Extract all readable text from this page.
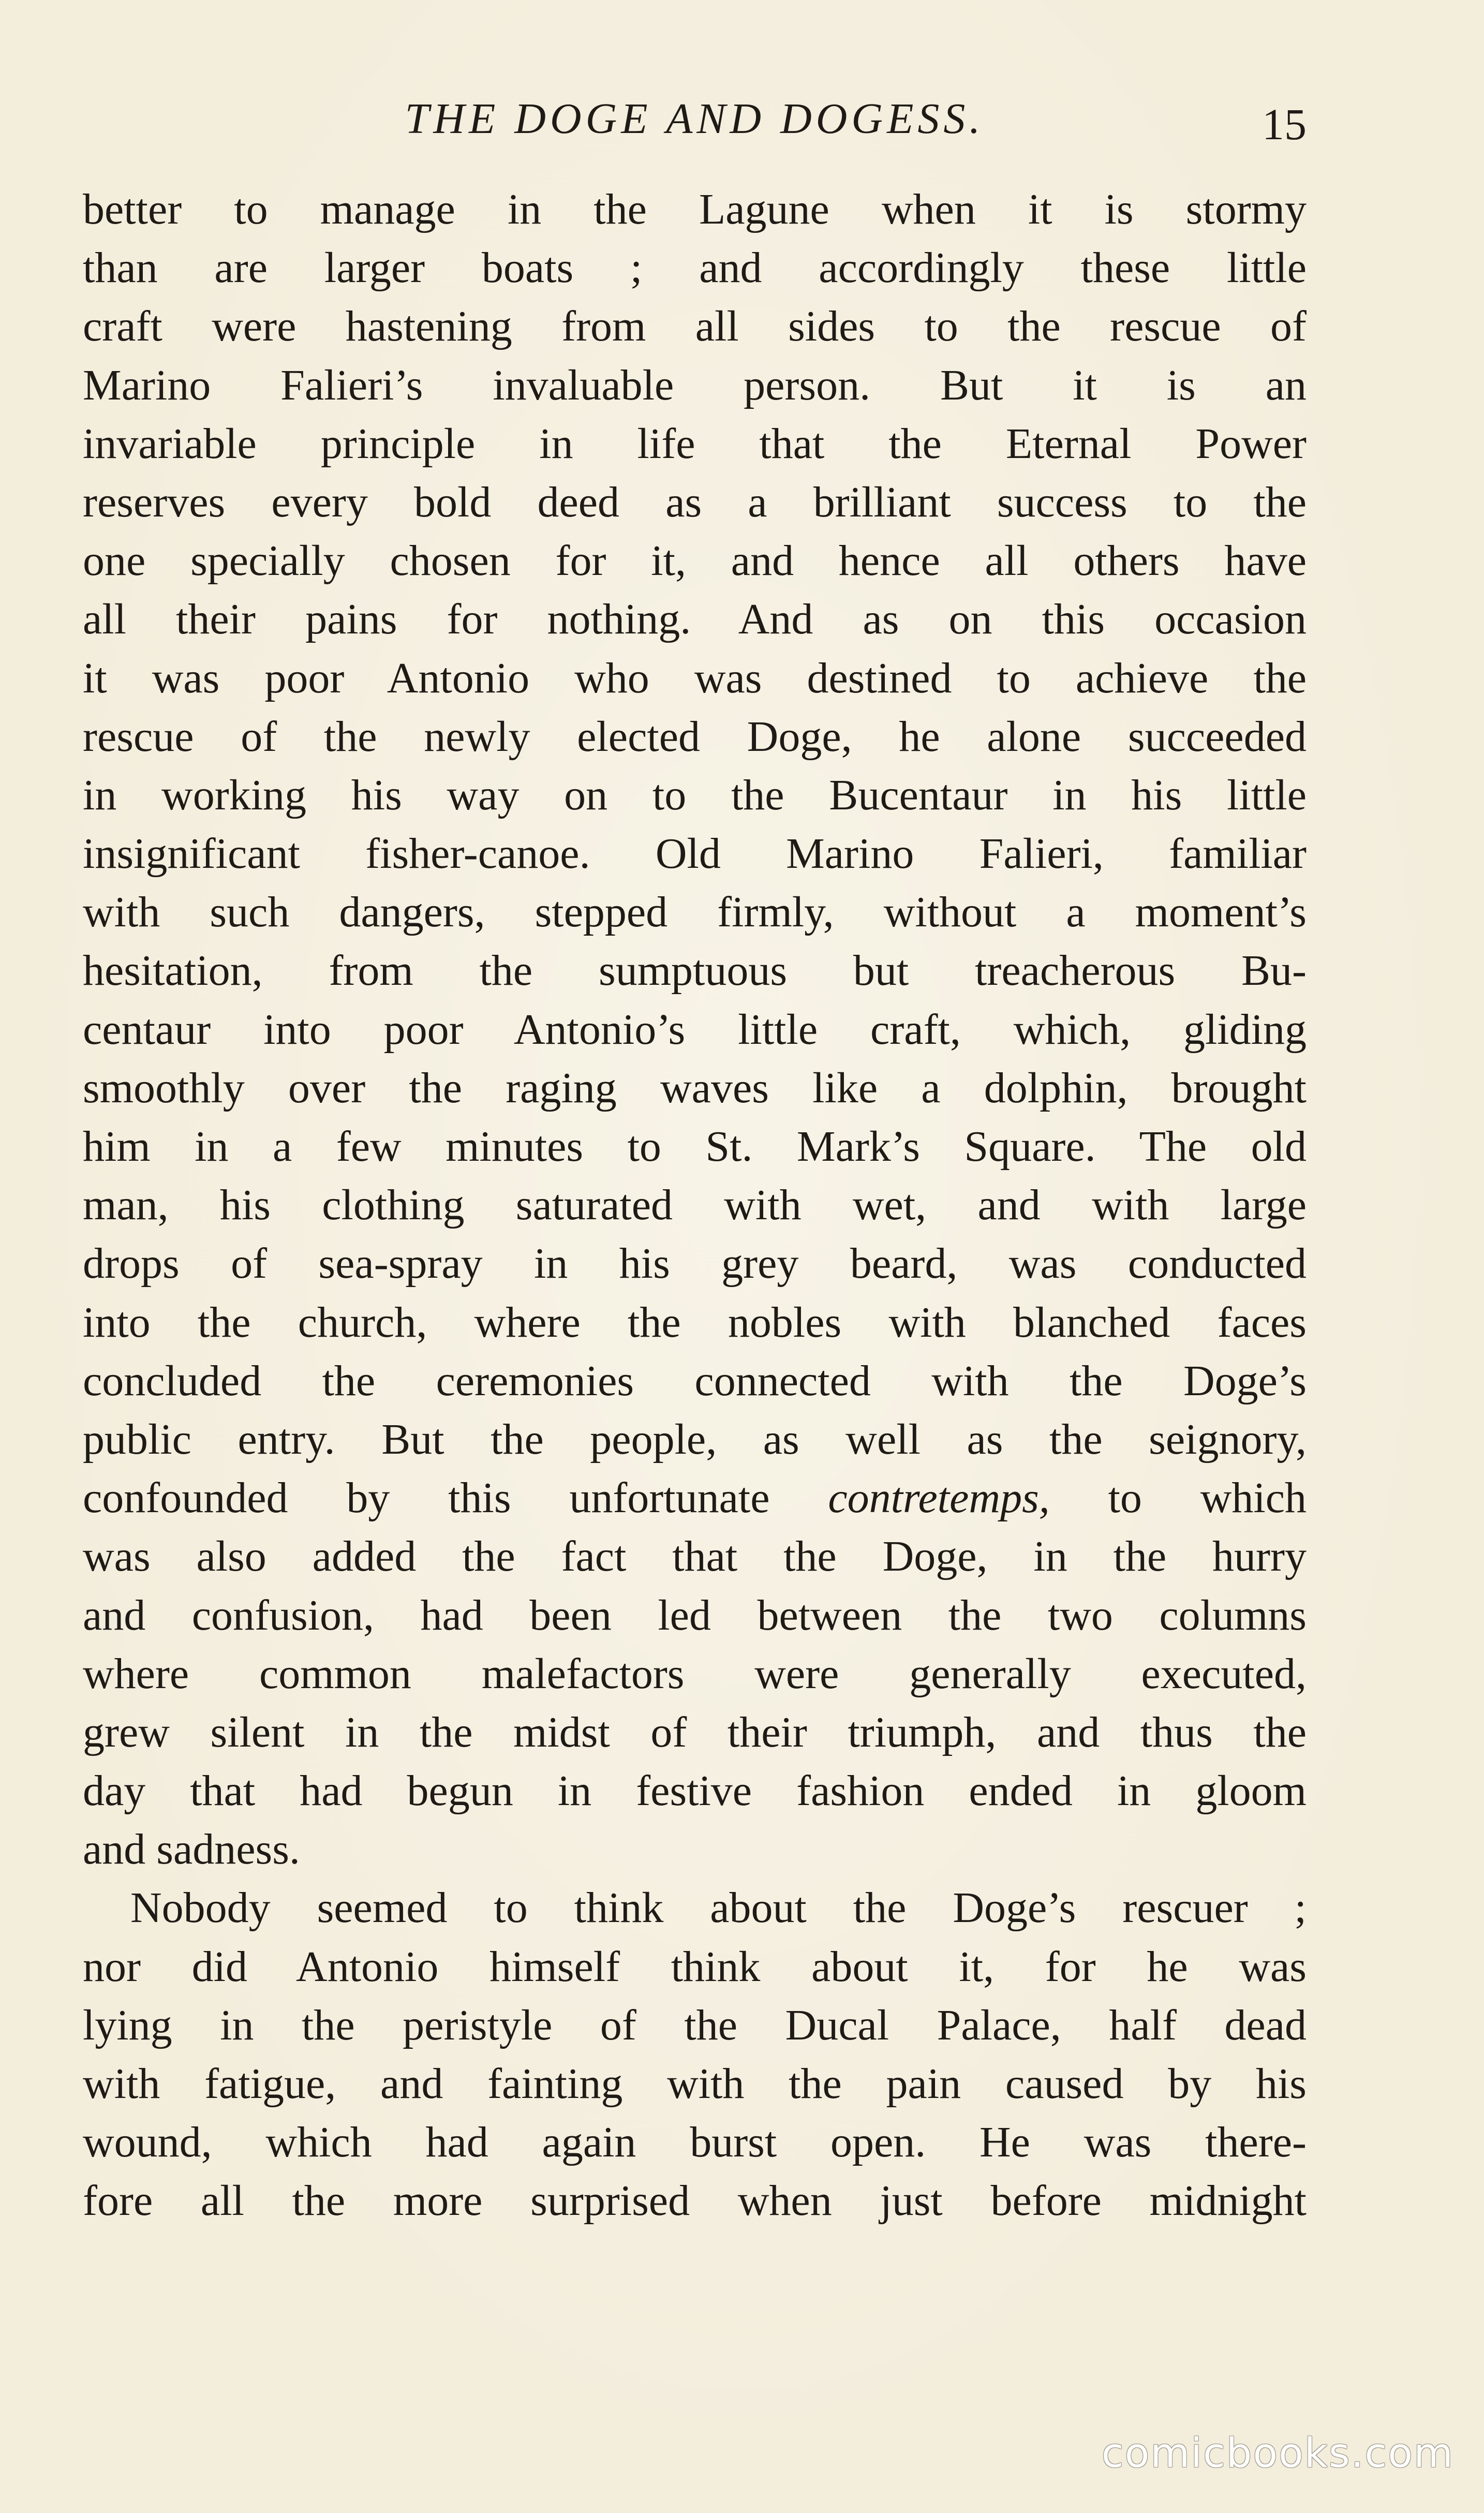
THE DOGE AND DOGESS.	15
better to manage in the Lagune when it is stormy
than are larger boats ; and accordingly these little
craft were hastening from all sides to the rescue of
Marino Falieri’s invaluable person. But it is an
invariable principle in life that the Eternal Power
reserves every bold deed as a brilliant success to the
one specially chosen for it, and hence all others have
all their pains for nothing. And as on this occasion
it was poor Antonio who was destined to achieve the
rescue of the newly elected Doge, he alone succeeded
in working his way on to the Bucentaur in his little
insignificant fisher-canoe. Old Marino Falieri, familiar
with such dangers, stepped firmly, without a moment’s
hesitation, from the sumptuous but treacherous Bu-
centaur into poor Antonio’s little craft, which, gliding
smoothly over the raging waves like a dolphin, brought
him in a few minutes to St. Mark’s Square. The old
man, his clothing saturated with wet, and with large
drops of sea-spray in his grey beard, was conducted
into the church, where the nobles with blanched faces
concluded the ceremonies connected with the Doge’s
public entry. But the people, as well as the seignory,
confounded by this unfortunate contretemps, to which
was also added the fact that the Doge, in the hurry
and confusion, had been led between the two columns
where common malefactors were generally executed,
grew silent in the midst of their triumph, and thus the
day that had begun in festive fashion ended in gloom
and sadness.
Nobody seemed to think about the Doge’s rescuer ;
nor did Antonio himself think about it, for he was
lying in the peristyle of the Ducal Palace, half dead
with fatigue, and fainting with the pain caused by his
wound, which had again burst open. He was there-
fore all the more surprised when just before midnight
comicbooks.com
